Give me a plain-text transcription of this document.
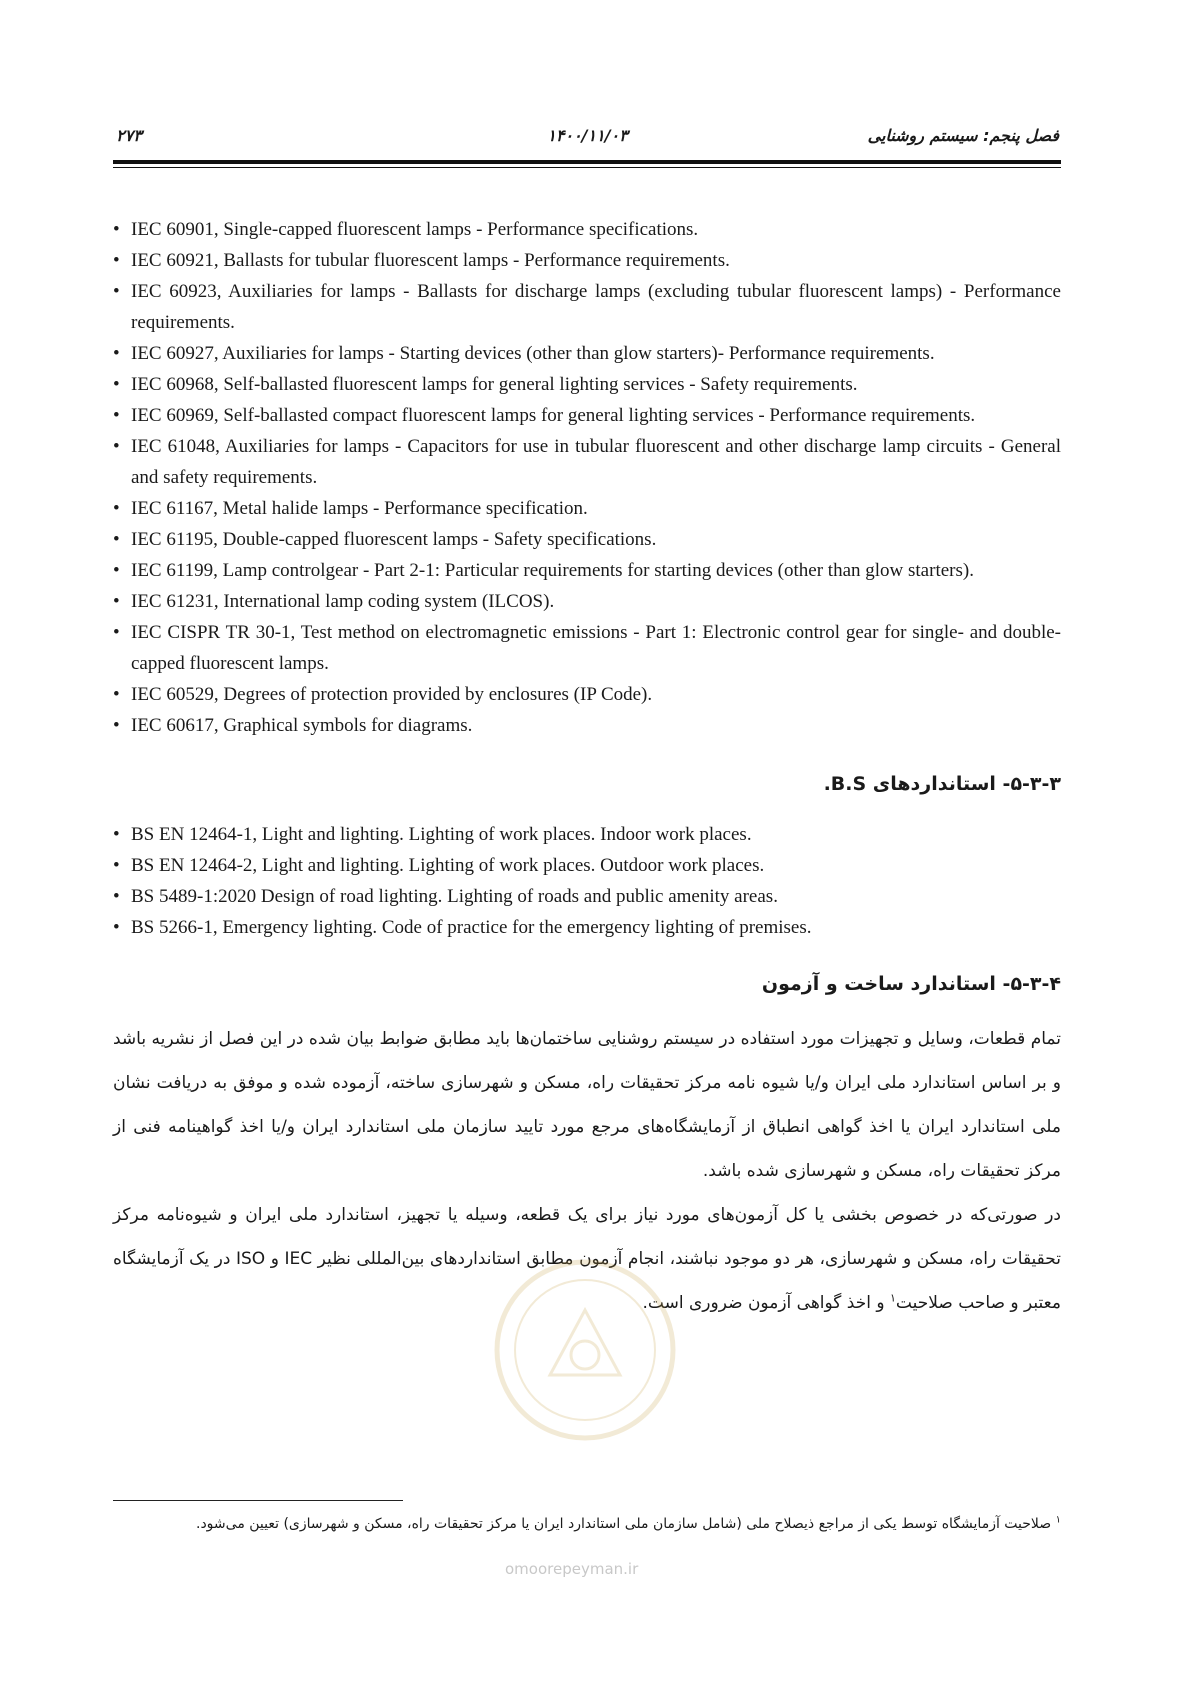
۲۷۳	۱۴۰۰/۱۱/۰۳	فصل پنجم: سیستم روشنایی
• IEC 60901, Single-capped fluorescent lamps - Performance specifications.
• IEC 60921, Ballasts for tubular fluorescent lamps - Performance requirements.
• IEC 60923, Auxiliaries for lamps - Ballasts for discharge lamps (excluding tubular fluorescent lamps) - Performance requirements.
• IEC 60927, Auxiliaries for lamps - Starting devices (other than glow starters)- Performance requirements.
• IEC 60968, Self-ballasted fluorescent lamps for general lighting services - Safety requirements.
• IEC 60969, Self-ballasted compact fluorescent lamps for general lighting services - Performance requirements.
• IEC 61048, Auxiliaries for lamps - Capacitors for use in tubular fluorescent and other discharge lamp circuits - General and safety requirements.
• IEC 61167, Metal halide lamps - Performance specification.
• IEC 61195, Double-capped fluorescent lamps - Safety specifications.
• IEC 61199, Lamp controlgear - Part 2-1: Particular requirements for starting devices (other than glow starters).
• IEC 61231, International lamp coding system (ILCOS).
• IEC CISPR TR 30-1, Test method on electromagnetic emissions - Part 1: Electronic control gear for single- and double-capped fluorescent lamps.
• IEC 60529, Degrees of protection provided by enclosures (IP Code).
• IEC 60617, Graphical symbols for diagrams.
۵-۳-۳- استانداردهای B.S.
• BS EN 12464-1, Light and lighting. Lighting of work places. Indoor work places.
• BS EN 12464-2, Light and lighting. Lighting of work places. Outdoor work places.
• BS 5489-1:2020 Design of road lighting. Lighting of roads and public amenity areas.
• BS 5266-1, Emergency lighting. Code of practice for the emergency lighting of premises.
۵-۳-۴- استاندارد ساخت و آزمون

تمام قطعات، وسایل و تجهیزات مورد استفاده در سیستم روشنایی ساختمان‌ها باید مطابق ضوابط بیان شده در این فصل از نشریه باشد و بر اساس استاندارد ملی ایران و/یا شیوه نامه مرکز تحقیقات راه، مسکن و شهرسازی ساخته، آزموده شده و موفق به دریافت نشان ملی استاندارد ایران یا اخذ گواهی انطباق از آزمایشگاه‌های مرجع مورد تایید سازمان ملی استاندارد ایران و/یا اخذ گواهینامه فنی از مرکز تحقیقات راه، مسکن و شهرسازی شده باشد.

در صورتی‌که در خصوص بخشی یا کل آزمون‌های مورد نیاز برای یک قطعه، وسیله یا تجهیز، استاندارد ملی ایران و شیوه‌نامه مرکز تحقیقات راه، مسکن و شهرسازی، هر دو موجود نباشند، انجام آزمون مطابق استانداردهای بین‌المللی نظیر IEC و ISO در یک آزمایشگاه معتبر و صاحب صلاحیت$^۱$ و اخذ گواهی آزمون ضروری است.

$^۱$ صلاحیت آزمایشگاه توسط یکی از مراجع ذیصلاح ملی (شامل سازمان ملی استاندارد ایران یا مرکز تحقیقات راه، مسکن و شهرسازی) تعیین می‌شود.
omoorepeyman.ir
